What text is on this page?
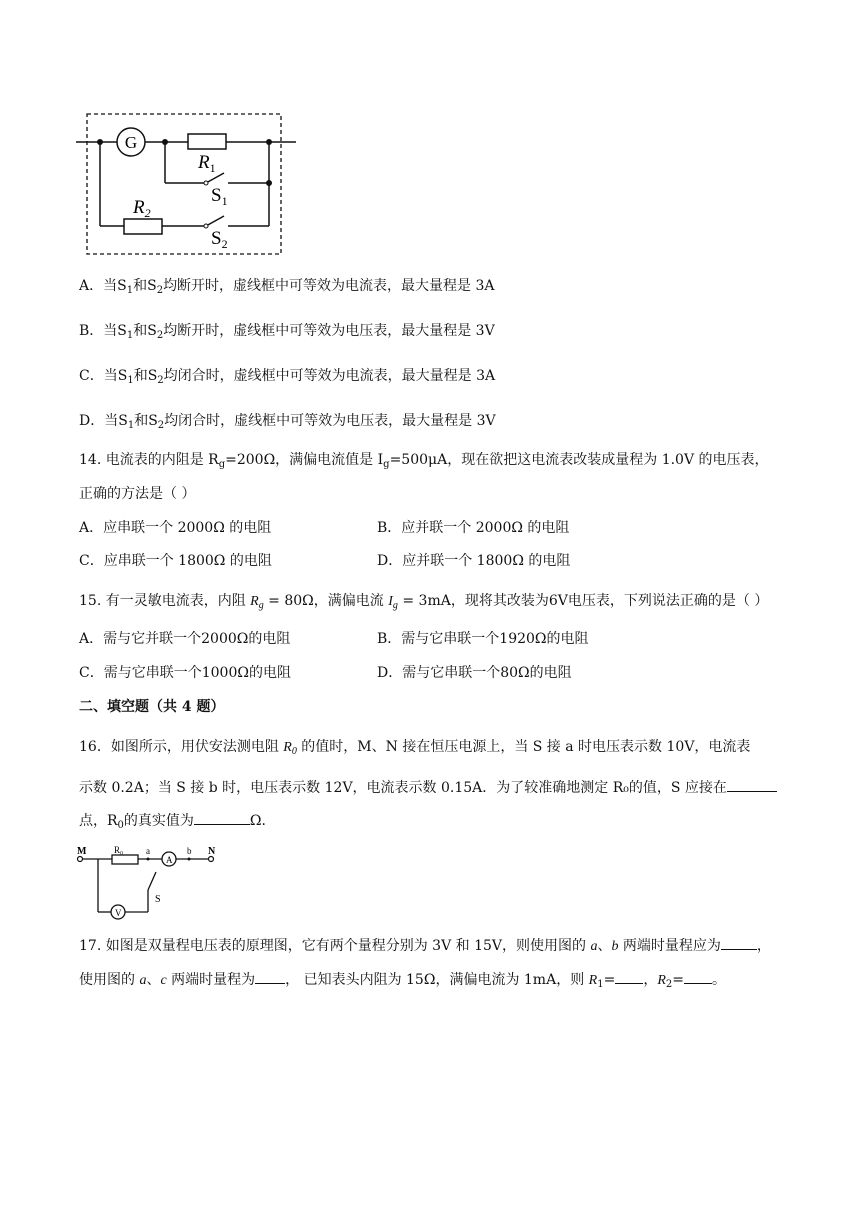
G
$R_1$
$S_1$
$R_2$
$S_2$
A．当$S_1$和$S_2$均断开时，虚线框中可等效为电流表，最大量程是 3A
B．当$S_1$和$S_2$均断开时，虚线框中可等效为电压表，最大量程是 3V
C．当$S_1$和$S_2$均闭合时，虚线框中可等效为电流表，最大量程是 3A
D．当$S_1$和$S_2$均闭合时，虚线框中可等效为电压表，最大量程是 3V
14. 电流表的内阻是 $R_g=200\Omega$，满偏电流值是 $I_g=500\mu A$，现在欲把这电流表改装成量程为 1.0V 的电压表，
正确的方法是（ ）
A．应串联一个 2000Ω 的电阻	B．应并联一个 2000Ω 的电阻
C．应串联一个 1800Ω 的电阻	D．应并联一个 1800Ω 的电阻
15. 有一灵敏电流表，内阻 $R_g = 80\Omega$，满偏电流 $I_g = 3mA$，现将其改装为6V电压表，下列说法正确的是（ ）
A．需与它并联一个2000Ω的电阻	B．需与它串联一个1920Ω的电阻
C．需与它串联一个1000Ω的电阻	D．需与它串联一个80Ω的电阻
二、填空题（共 4 题）
16．如图所示，用伏安法测电阻 $R_0$ 的值时，M、N 接在恒压电源上，当 S 接 a 时电压表示数 10V，电流表
示数 0.2A；当 S 接 b 时，电压表示数 12V，电流表示数 0.15A．为了较准确地测定 R₀的值，S 应接在
点，$R_0$的真实值为	Ω．
M	R₀	a
A
b N
V
S
17. 如图是双量程电压表的原理图，它有两个量程分别为 3V 和 15V，则使用图的 a、b 两端时量程应为	，
使用图的 a、c 两端时量程为 ， 已知表头内阻为 15Ω，满偏电流为 1mA，则 $R_1=$ ，$R_2=$ 。
